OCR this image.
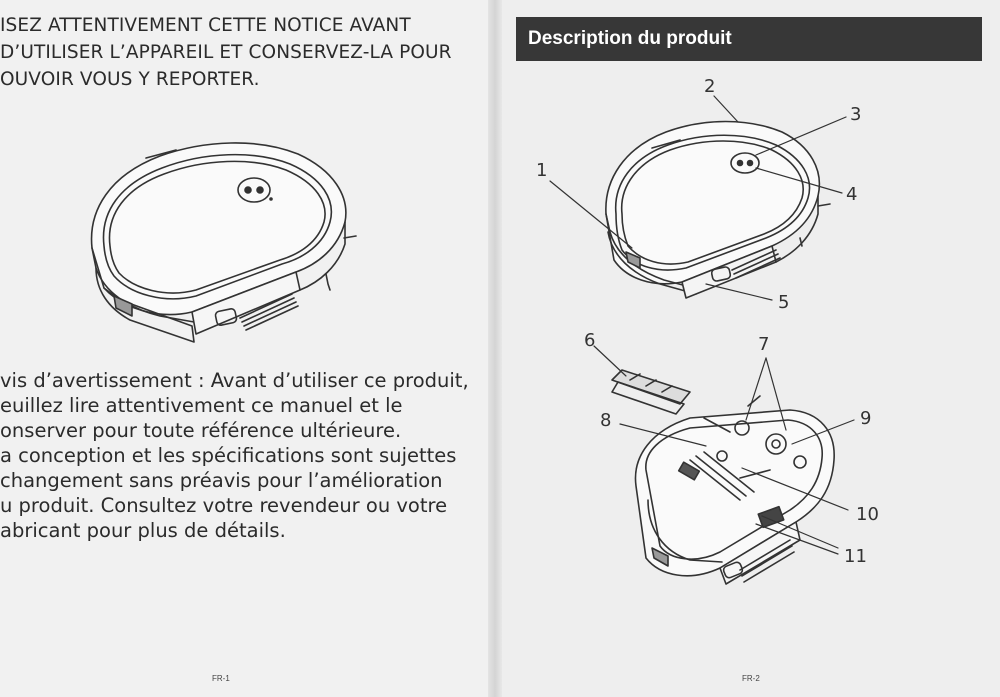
ISEZ ATTENTIVEMENT CETTE NOTICE AVANT
D’UTILISER L’APPAREIL ET CONSERVEZ-LA POUR
OUVOIR VOUS Y REPORTER.
vis d’avertissement : Avant d’utiliser ce produit,
euillez lire attentivement ce manuel et le
onserver pour toute référence ultérieure.
a conception et les spécifications sont sujettes
changement sans préavis pour l’amélioration
u produit. Consultez votre revendeur ou votre
abricant pour plus de détails.
FR-1
Description du produit
FR-2
1
2
3
4
5
6	7
8	9
10
11
